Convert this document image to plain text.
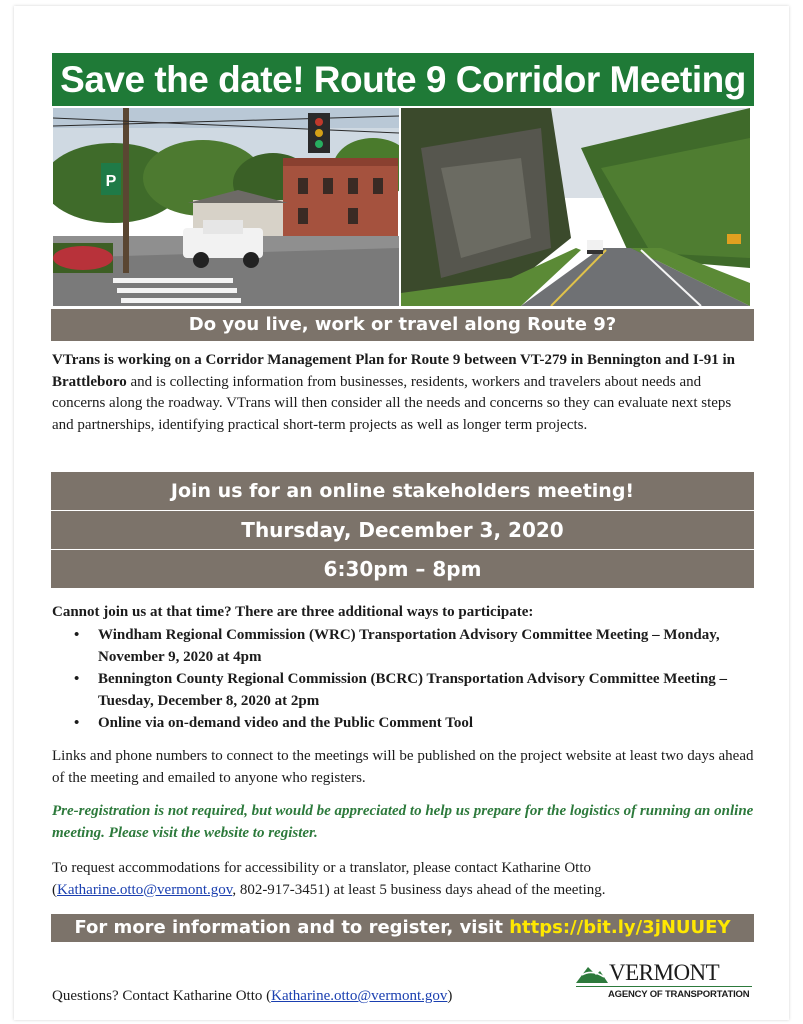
Save the date! Route 9 Corridor Meeting
P
Do you live, work or travel along Route 9?
VTrans is working on a Corridor Management Plan for Route 9 between VT-279 in Bennington and I-91 in Brattleboro and is collecting information from businesses, residents, workers and travelers about needs and concerns along the roadway. VTrans will then consider all the needs and concerns so they can evaluate next steps and partnerships, identifying practical short-term projects as well as longer term projects.
Join us for an online stakeholders meeting!
Thursday, December 3, 2020
6:30pm – 8pm
Cannot join us at that time? There are three additional ways to participate:
• Windham Regional Commission (WRC) Transportation Advisory Committee Meeting – Monday, November 9, 2020 at 4pm
• Bennington County Regional Commission (BCRC) Transportation Advisory Committee Meeting – Tuesday, December 8, 2020 at 2pm
• Online via on-demand video and the Public Comment Tool
Links and phone numbers to connect to the meetings will be published on the project website at least two days ahead of the meeting and emailed to anyone who registers.
Pre-registration is not required, but would be appreciated to help us prepare for the logistics of running an online meeting. Please visit the website to register.
To request accommodations for accessibility or a translator, please contact Katharine Otto (Katharine.otto@vermont.gov, 802-917-3451) at least 5 business days ahead of the meeting.
For more information and to register, visit https://bit.ly/3jNUUEY
Questions? Contact Katharine Otto (Katharine.otto@vermont.gov)
VERMONT
AGENCY OF TRANSPORTATION
